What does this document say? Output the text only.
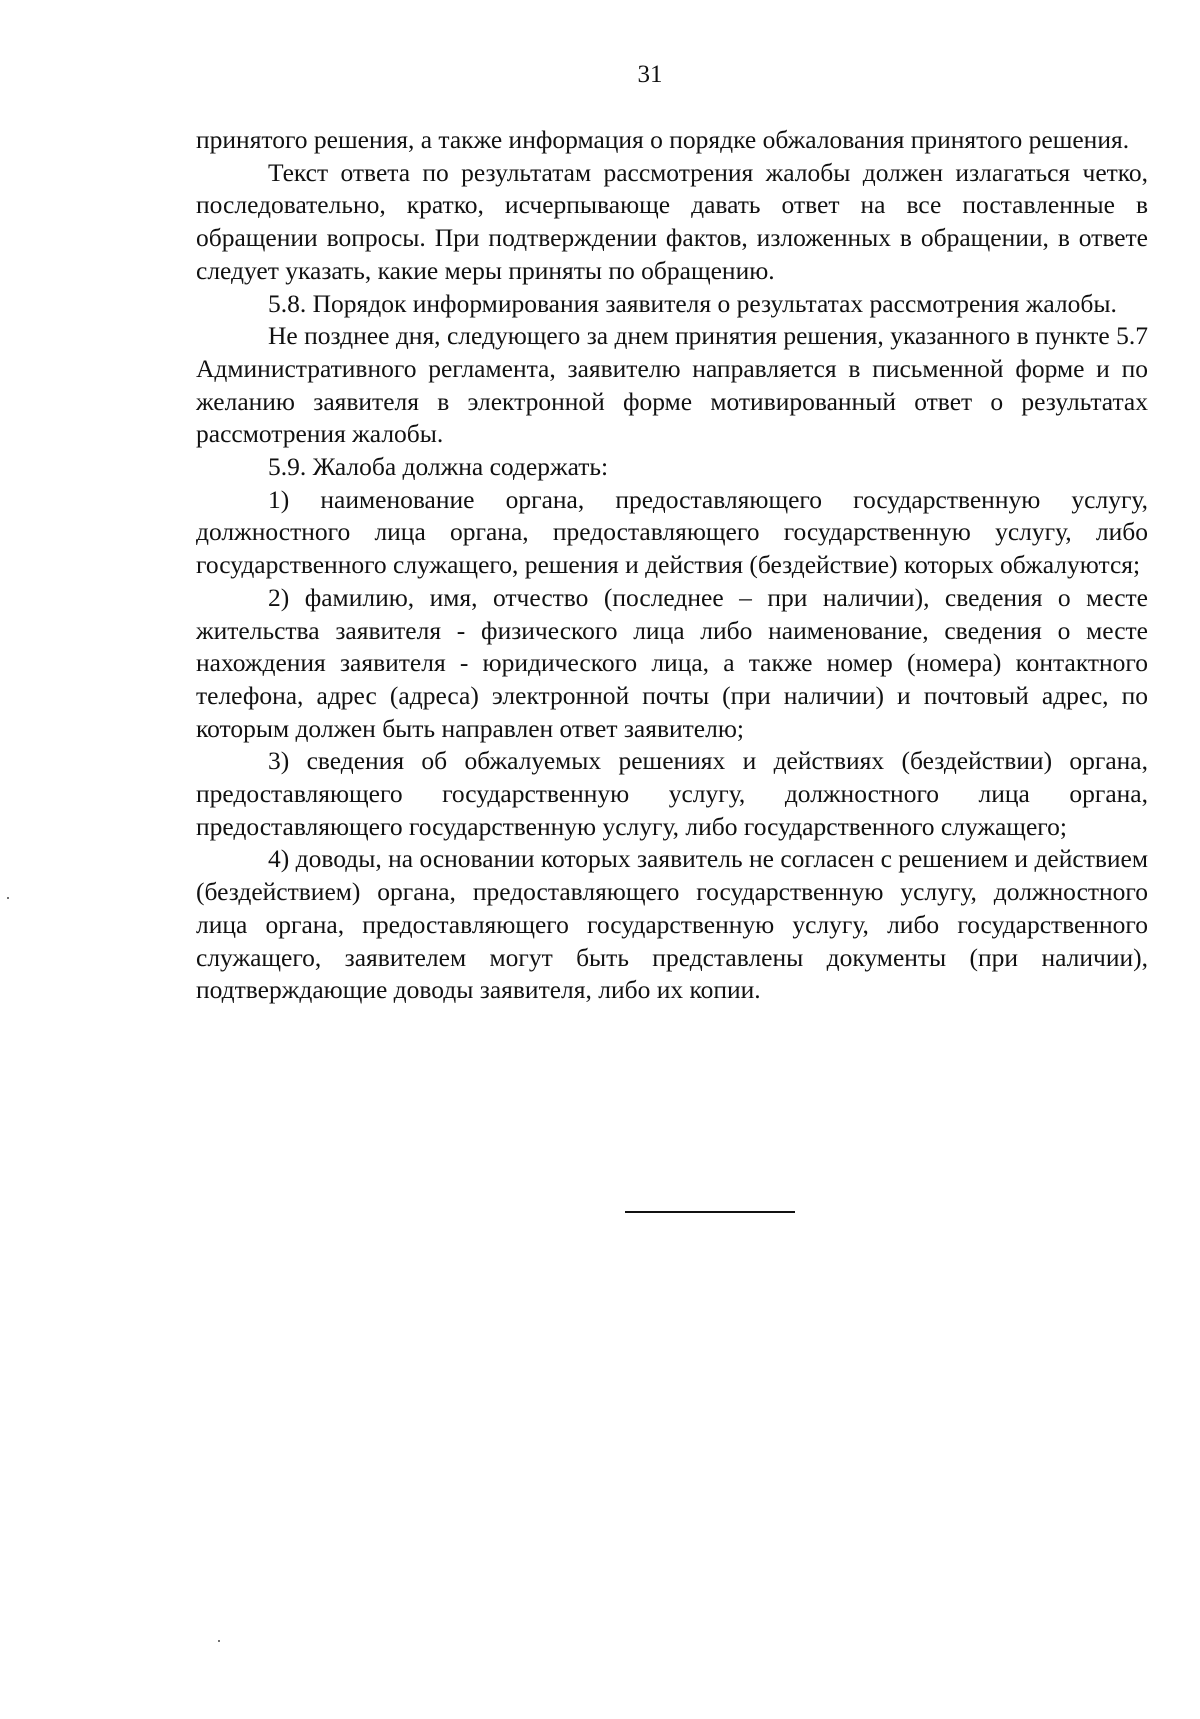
31

принятого решения, а также информация о порядке обжалования принятого решения.

Текст ответа по результатам рассмотрения жалобы должен излагаться четко, последовательно, кратко, исчерпывающе давать ответ на все поставленные в обращении вопросы. При подтверждении фактов, изложенных в обращении, в ответе следует указать, какие меры приняты по обращению.

5.8. Порядок информирования заявителя о результатах рассмотрения жалобы.

Не позднее дня, следующего за днем принятия решения, указанного в пункте 5.7 Административного регламента, заявителю направляется в письменной форме и по желанию заявителя в электронной форме мотивированный ответ о результатах рассмотрения жалобы.

5.9. Жалоба должна содержать:

1) наименование органа, предоставляющего государственную услугу, должностного лица органа, предоставляющего государственную услугу, либо государственного служащего, решения и действия (бездействие) которых обжалуются;

2) фамилию, имя, отчество (последнее – при наличии), сведения о месте жительства заявителя - физического лица либо наименование, сведения о месте нахождения заявителя - юридического лица, а также номер (номера) контактного телефона, адрес (адреса) электронной почты (при наличии) и почтовый адрес, по которым должен быть направлен ответ заявителю;

3) сведения об обжалуемых решениях и действиях (бездействии) органа, предоставляющего государственную услугу, должностного лица органа, предоставляющего государственную услугу, либо государственного служащего;

4) доводы, на основании которых заявитель не согласен с решением и действием (бездействием) органа, предоставляющего государственную услугу, должностного лица органа, предоставляющего государственную услугу, либо государственного служащего, заявителем могут быть представлены документы (при наличии), подтверждающие доводы заявителя, либо их копии.
